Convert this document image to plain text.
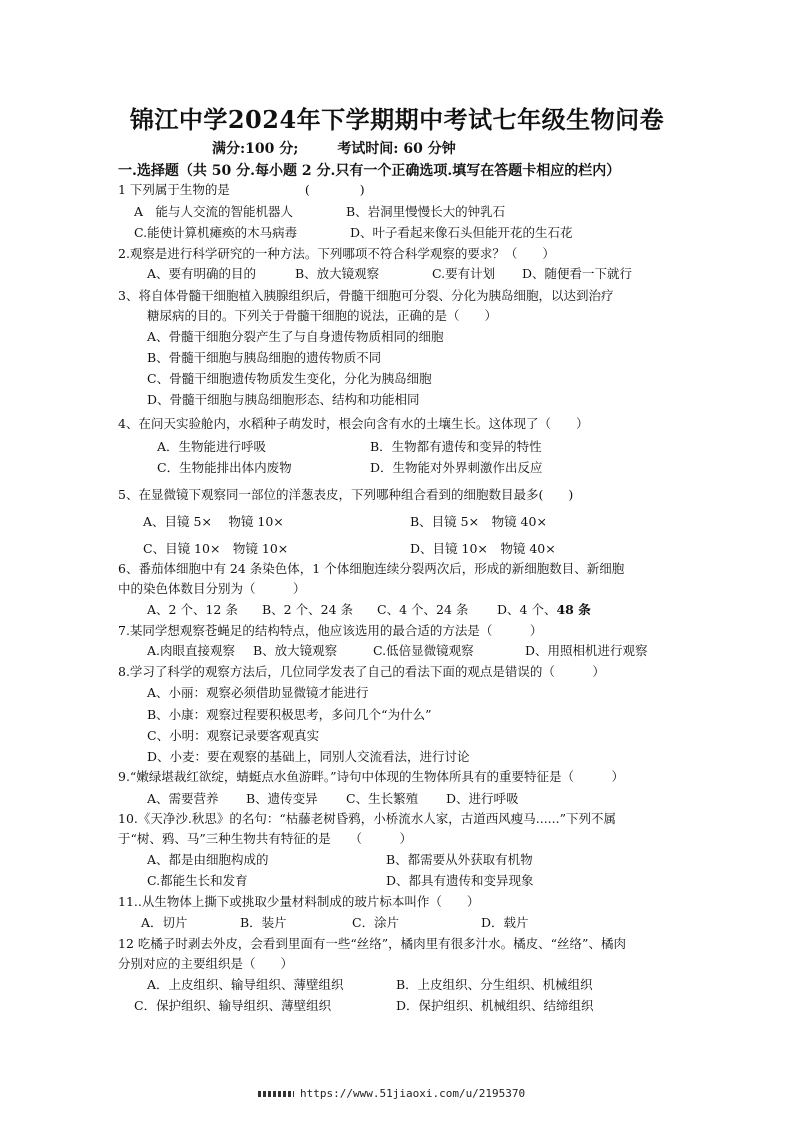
锦江中学2024年下学期期中考试七年级生物问卷
满分:100 分;	考试时间: 60 分钟
一.选择题（共 50 分.每小题 2 分.只有一个正确选项.填写在答题卡相应的栏内）
1 下列属于生物的是　　　　　　(　　　　)
A　能与人交流的智能机器人	B、岩洞里慢慢长大的钟乳石
C.能使计算机瘫痪的木马病毒	D、叶子看起来像石头但能开花的生石花
2.观察是进行科学研究的一种方法。下列哪项不符合科学观察的要求？（　　）
A、要有明确的目的	B、放大镜观察	C.要有计划 D、随便看一下就行
3、将自体骨髓干细胞植入胰腺组织后，骨髓干细胞可分裂、分化为胰岛细胞，以达到治疗
糖尿病的目的。下列关于骨髓干细胞的说法，正确的是（　　）
A、骨髓干细胞分裂产生了与自身遗传物质相同的细胞
B、骨髓干细胞与胰岛细胞的遗传物质不同
C、骨髓干细胞遗传物质发生变化，分化为胰岛细胞
D、骨髓干细胞与胰岛细胞形态、结构和功能相同
4、在问天实验舱内，水稻种子萌发时，根会向含有水的土壤生长。这体现了（　　）
A．生物能进行呼吸	B．生物都有遗传和变异的特性
C．生物能排出体内废物	D．生物能对外界刺激作出反应
5、在显微镜下观察同一部位的洋葱表皮，下列哪种组合看到的细胞数目最多(　　)
A、目镜 5×　 物镜 10×	B、目镜 5×　物镜 40×
C、目镜 10×　物镜 10×	D、目镜 10×　物镜 40×
6、番茄体细胞中有 24 条染色体，1 个体细胞连续分裂两次后，形成的新细胞数目、新细胞
中的染色体数目分别为（　　　）
A、2 个、12 条 B、2 个、24 条 C、4 个、24 条 D、4 个、48 条
7.某同学想观察苍蝇足的结构特点，他应该选用的最合适的方法是（　　　）
A.肉眼直接观察 B、放大镜观察	C.低倍显微镜观察	D、用照相机进行观察
8.学习了科学的观察方法后，几位同学发表了自己的看法下面的观点是错误的（　　　）
A、小丽：观察必须借助显微镜才能进行
B、小康：观察过程要积极思考，多问几个“为什么”
C、小明：观察记录要客观真实
D、小麦：要在观察的基础上，同别人交流看法，进行讨论
9.“嫩绿堪裁红欲绽，蜻蜓点水鱼游畔。”诗句中体现的生物体所具有的重要特征是（　　　）
A、需要营养 B、遗传变异 C、生长繁殖 D、进行呼吸
10.《天净沙.秋思》的名句：“枯藤老树昏鸦，小桥流水人家，古道西风瘦马......”下列不属
于“树、鸦、马”三种生物共有特征的是　　（　　　）
A、都是由细胞构成的	B、都需要从外获取有机物
C.都能生长和发育	D、都具有遗传和变异现象
11..从生物体上撕下或挑取少量材料制成的玻片标本叫作（　　）
A．切片	B．装片	C．涂片	D．载片
12 吃橘子时剥去外皮，会看到里面有一些“丝络”，橘肉里有很多汁水。橘皮、“丝络”、橘肉
分别对应的主要组织是（　　）
A．上皮组织、输导组织、薄壁组织	B．上皮组织、分生组织、机械组织
C．保护组织、输导组织、薄壁组织	D．保护组织、机械组织、结缔组织
https://www.51jiaoxi.com/u/2195370
